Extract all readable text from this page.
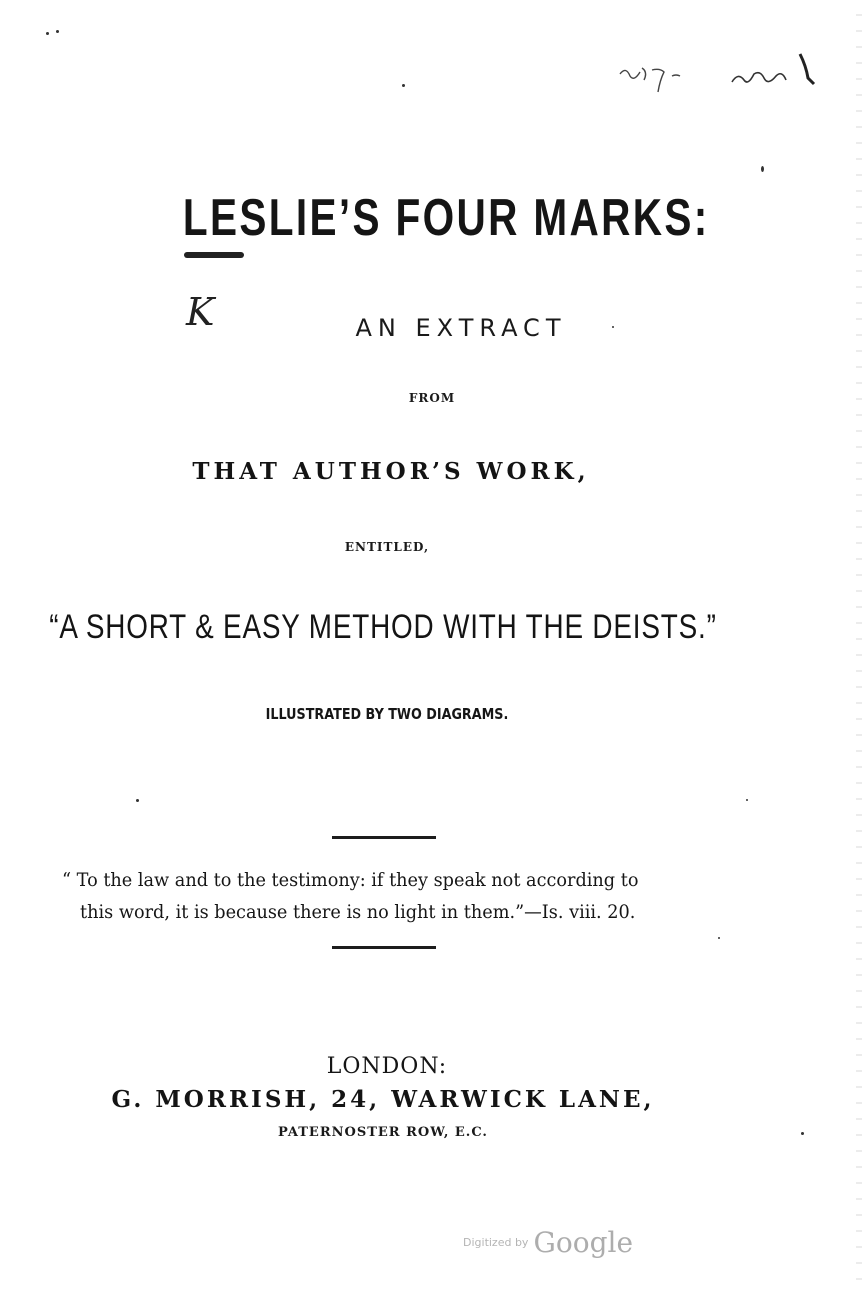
LESLIE’S FOUR MARKS:
K	AN EXTRACT
FROM
THAT AUTHOR’S WORK,
ENTITLED,
“A SHORT & EASY METHOD WITH THE DEISTS.”
ILLUSTRATED BY TWO DIAGRAMS.
“ To the law and to the testimony: if they speak not according to
this word, it is because there is no light in them.”—Is. viii. 20.
LONDON:
G. MORRISH, 24, WARWICK LANE,
PATERNOSTER ROW, E.C.
Digitized by Google
